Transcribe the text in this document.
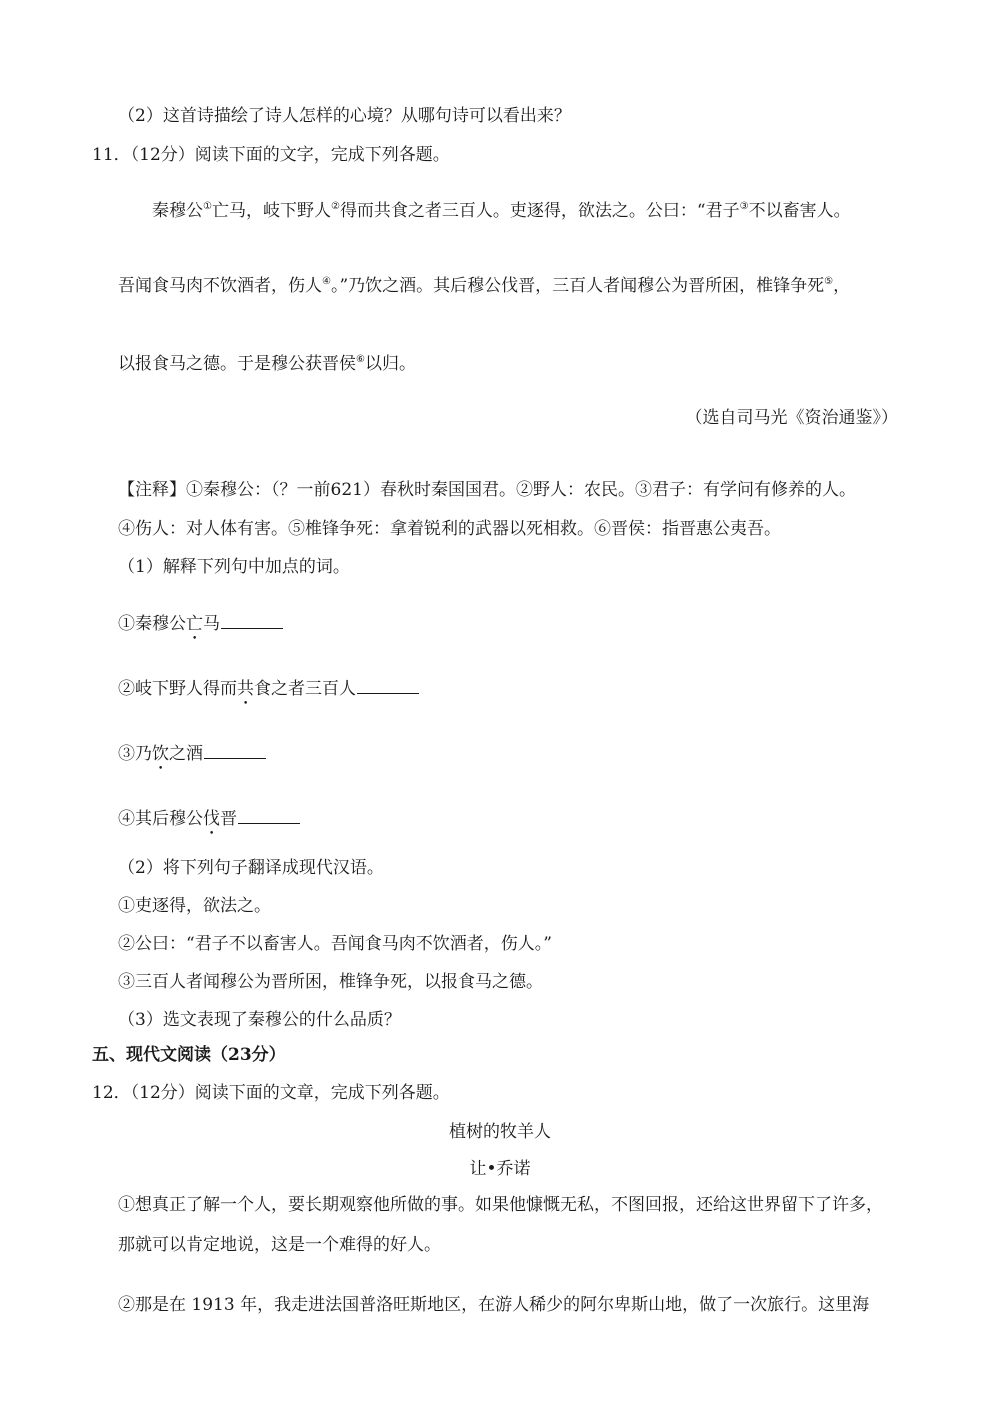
（2）这首诗描绘了诗人怎样的心境？从哪句诗可以看出来？
11．（12分）阅读下面的文字，完成下列各题。
秦穆公①亡马，岐下野人②得而共食之者三百人。吏逐得，欲法之。公曰：“君子③不以畜害人。
吾闻食马肉不饮酒者，伤人④。”乃饮之酒。其后穆公伐晋，三百人者闻穆公为晋所困，椎锋争死⑤，
以报食马之德。于是穆公获晋侯⑥以归。
（选自司马光《资治通鉴》）
【注释】①秦穆公：（？一前621）春秋时秦国国君。②野人：农民。③君子：有学问有修养的人。
④伤人：对人体有害。⑤椎锋争死：拿着锐利的武器以死相救。⑥晋侯：指晋惠公夷吾。
（1）解释下列句中加点的词。
①秦穆公亡马
②岐下野人得而共食之者三百人
③乃饮之酒
④其后穆公伐晋
（2）将下列句子翻译成现代汉语。
①吏逐得，欲法之。
②公曰：“君子不以畜害人。吾闻食马肉不饮酒者，伤人。”
③三百人者闻穆公为晋所困，椎锋争死，以报食马之德。
（3）选文表现了秦穆公的什么品质？
五、现代文阅读（23分）
12．（12分）阅读下面的文章，完成下列各题。
植树的牧羊人
让•乔诺
①想真正了解一个人，要长期观察他所做的事。如果他慷慨无私，不图回报，还给这世界留下了许多，
那就可以肯定地说，这是一个难得的好人。
②那是在 1913 年，我走进法国普洛旺斯地区，在游人稀少的阿尔卑斯山地，做了一次旅行。这里海
